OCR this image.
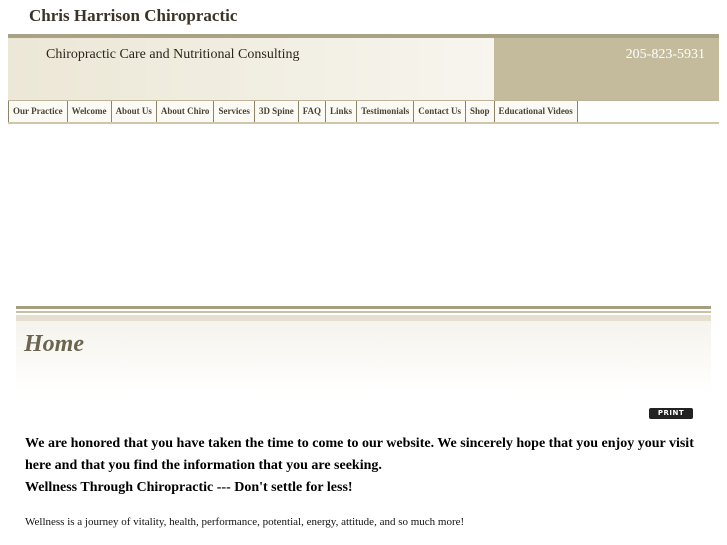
Chris Harrison Chiropractic
Chiropractic Care and Nutritional Consulting	205-823-5931
Our Practice	Welcome	About Us	About Chiro	Services	3D Spine	FAQ	Links	Testimonials	Contact Us	Shop	Educational Videos
Home
PRINT

We are honored that you have taken the time to come to our website. We sincerely hope that you enjoy your visit here and that you find the information that you are seeking.

Wellness Through Chiropractic --- Don't settle for less!

Wellness is a journey of vitality, health, performance, potential, energy, attitude, and so much more!
